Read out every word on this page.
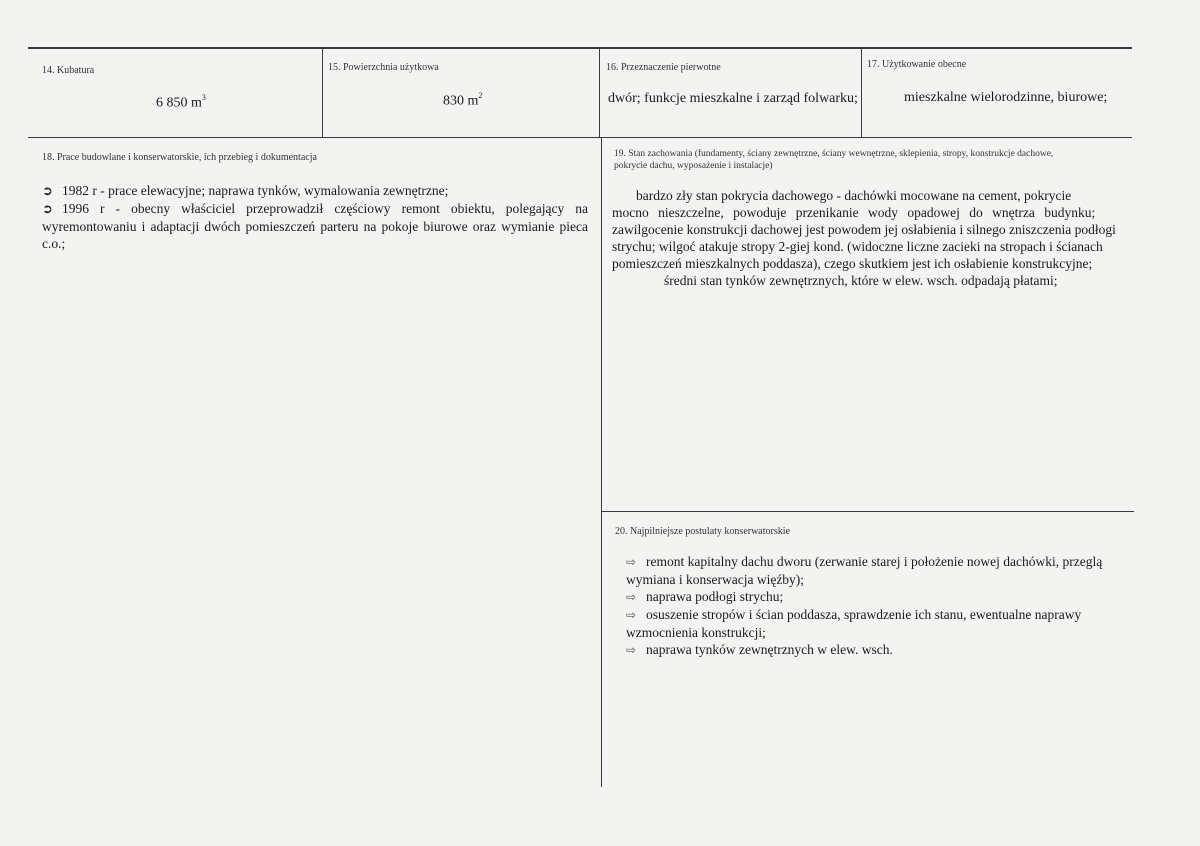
14. Kubatura
6 850 $m^3$
15. Powierzchnia użytkowa
830 $m^2$
16. Przeznaczenie pierwotne
dwór; funkcje mieszkalne i zarząd folwarku;
17. Użytkowanie obecne
mieszkalne wielorodzinne, biurowe;
18. Prace budowlane i konserwatorskie, ich przebieg i dokumentacja
➲ 1982 r - prace elewacyjne; naprawa tynków, wymalowania zewnętrzne;
➲ 1996 r - obecny właściciel przeprowadził częściowy remont obiektu, polegający na wyremontowaniu i adaptacji dwóch pomieszczeń parteru na pokoje biurowe oraz wymianie pieca c.o.;
19. Stan zachowania (fundamenty, ściany zewnętrzne, ściany wewnętrzne, sklepienia, stropy, konstrukcje dachowe,
pokrycie dachu, wyposażenie i instalacje)
bardzo zły stan pokrycia dachowego - dachówki mocowane na cement, pokrycie
mocno nieszczelne, powoduje przenikanie wody opadowej do wnętrza budynku;
zawilgocenie konstrukcji dachowej jest powodem jej osłabienia i silnego zniszczenia podłogi
strychu; wilgoć atakuje stropy 2-giej kond. (widoczne liczne zacieki na stropach i ścianach
pomieszczeń mieszkalnych poddasza), czego skutkiem jest ich osłabienie konstrukcyjne;
średni stan tynków zewnętrznych, które w elew. wsch. odpadają płatami;
20. Najpilniejsze postulaty konserwatorskie
⇨ remont kapitalny dachu dworu (zerwanie starej i położenie nowej dachówki, przeglą
wymiana i konserwacja więźby);
⇨ naprawa podłogi strychu;
⇨ osuszenie stropów i ścian poddasza, sprawdzenie ich stanu, ewentualne naprawy
wzmocnienia konstrukcji;
⇨ naprawa tynków zewnętrznych w elew. wsch.
